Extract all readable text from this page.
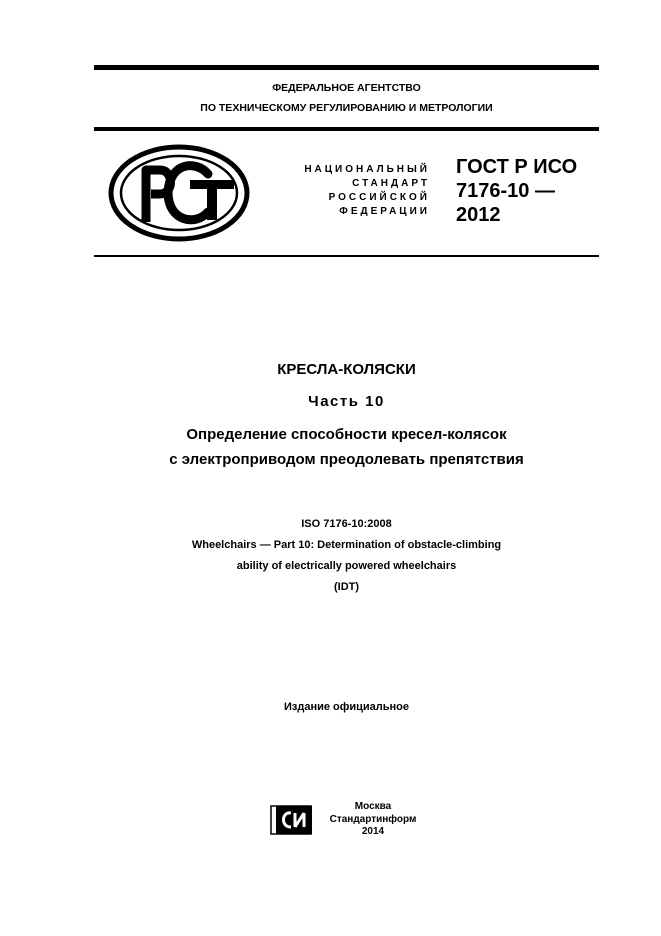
ФЕДЕРАЛЬНОЕ АГЕНТСТВО
ПО ТЕХНИЧЕСКОМУ РЕГУЛИРОВАНИЮ И МЕТРОЛОГИИ
НАЦИОНАЛЬНЫЙ
СТАНДАРТ
РОССИЙСКОЙ
ФЕДЕРАЦИИ
ГОСТ Р ИСО
7176-10 —
2012
КРЕСЛА-КОЛЯСКИ
Часть 10
Определение способности кресел-колясок
с электроприводом преодолевать препятствия
ISO 7176-10:2008
Wheelchairs — Part 10: Determination of obstacle-climbing
ability of electrically powered wheelchairs
(IDT)
Издание официальное
Москва
Стандартинформ
2014
